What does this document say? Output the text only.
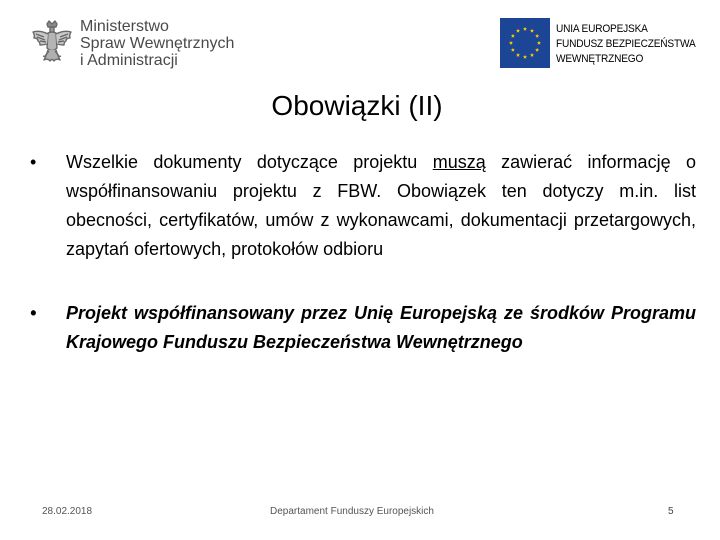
Ministerstwo
Spraw Wewnętrznych
i Administracji
UNIA EUROPEJSKA
FUNDUSZ BEZPIECZEŃSTWA
WEWNĘTRZNEGO
Obowiązki (II)
•	Wszelkie dokumenty dotyczące projektu muszą zawierać informację o współfinansowaniu projektu z FBW. Obowiązek ten dotyczy m.in. list obecności, certyfikatów, umów z wykonawcami, dokumentacji przetargowych, zapytań ofertowych, protokołów odbioru
•	Projekt współfinansowany przez Unię Europejską ze środków Programu Krajowego Funduszu Bezpieczeństwa Wewnętrznego
28.02.2018	Departament Funduszy Europejskich	5
